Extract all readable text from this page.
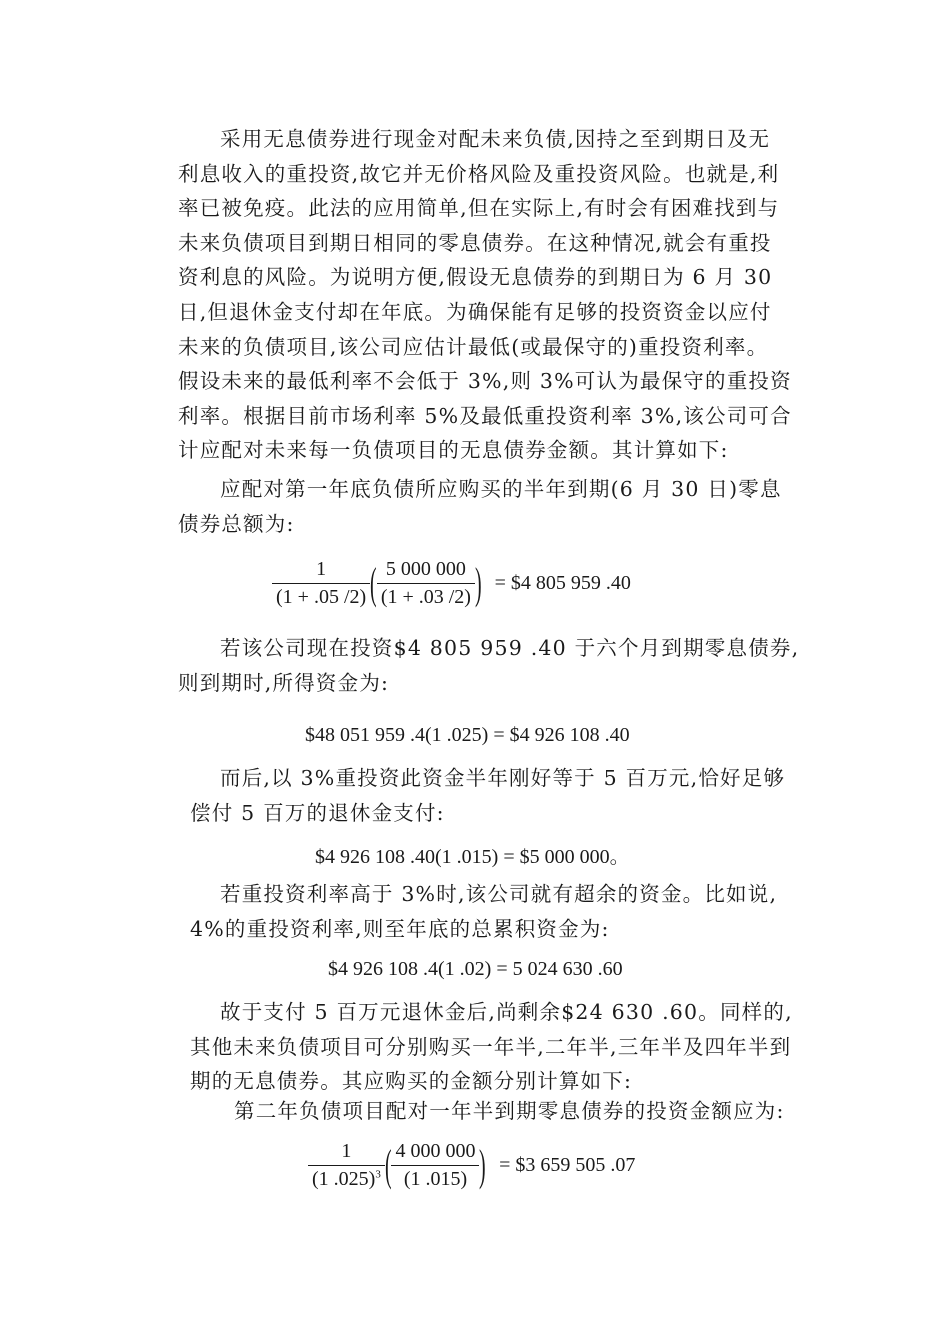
采用无息债券进行现金对配未来负债,因持之至到期日及无
利息收入的重投资,故它并无价格风险及重投资风险。也就是,利
率已被免疫。此法的应用简单,但在实际上,有时会有困难找到与
未来负债项目到期日相同的零息债券。在这种情况,就会有重投
资利息的风险。为说明方便,假设无息债券的到期日为 6 月 30
日,但退休金支付却在年底。为确保能有足够的投资资金以应付
未来的负债项目,该公司应估计最低(或最保守的)重投资利率。
假设未来的最低利率不会低于 3%,则 3%可认为最保守的重投资
利率。根据目前市场利率 5%及最低重投资利率 3%,该公司可合
计应配对未来每一负债项目的无息债券金额。其计算如下:
应配对第一年底负债所应购买的半年到期(6 月 30 日)零息
债券总额为:
$\frac{1}{(1 + .05 /2)}$ ( $\frac{5 000 000}{(1 + .03 /2)}$ ) = $4 805 959 .40
若该公司现在投资$4 805 959 .40 于六个月到期零息债券,
则到期时,所得资金为:
$48 051 959 .4(1 .025) = $4 926 108 .40
而后,以 3%重投资此资金半年刚好等于 5 百万元,恰好足够
偿付 5 百万的退休金支付:
$4 926 108 .40(1 .015) = $5 000 000。
若重投资利率高于 3%时,该公司就有超余的资金。比如说,
4%的重投资利率,则至年底的总累积资金为:
$4 926 108 .4(1 .02) = 5 024 630 .60
故于支付 5 百万元退休金后,尚剩余$24 630 .60。同样的,
其他未来负债项目可分别购买一年半,二年半,三年半及四年半到
期的无息债券。其应购买的金额分别计算如下:
第二年负债项目配对一年半到期零息债券的投资金额应为:
$\frac{1}{(1 .025)^3}$ ( $\frac{4 000 000}{(1 .015)}$ ) = $3 659 505 .07
